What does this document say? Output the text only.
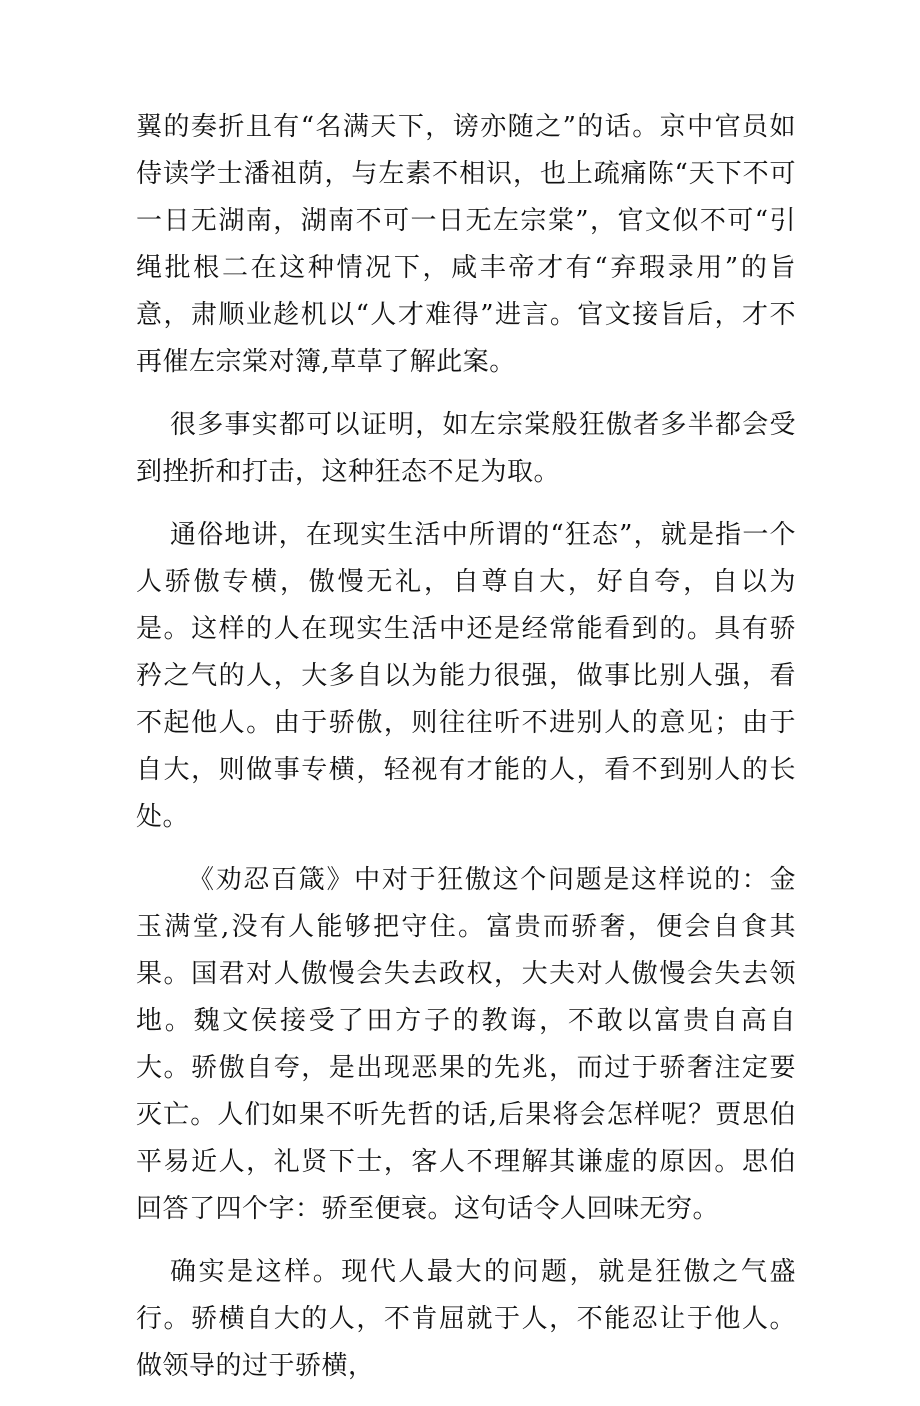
翼的奏折且有“名满天下，谤亦随之”的话。京中官员如侍读学士潘祖荫，与左素不相识，也上疏痛陈“天下不可一日无湖南，湖南不可一日无左宗棠”，官文似不可“引绳批根二在这种情况下，咸丰帝才有“弃瑕录用”的旨意，肃顺业趁机以“人才难得”进言。官文接旨后，才不再催左宗棠对簿,草草了解此案。

很多事实都可以证明，如左宗棠般狂傲者多半都会受到挫折和打击，这种狂态不足为取。

通俗地讲，在现实生活中所谓的“狂态”，就是指一个人骄傲专横，傲慢无礼，自尊自大，好自夸，自以为是。这样的人在现实生活中还是经常能看到的。具有骄矜之气的人，大多自以为能力很强，做事比别人强，看不起他人。由于骄傲，则往往听不进别人的意见；由于自大，则做事专横，轻视有才能的人，看不到别人的长处。

《劝忍百箴》中对于狂傲这个问题是这样说的：金玉满堂,没有人能够把守住。富贵而骄奢，便会自食其果。国君对人傲慢会失去政权，大夫对人傲慢会失去领地。魏文侯接受了田方子的教诲，不敢以富贵自高自大。骄傲自夸，是出现恶果的先兆，而过于骄奢注定要灭亡。人们如果不听先哲的话,后果将会怎样呢？贾思伯平易近人，礼贤下士，客人不理解其谦虚的原因。思伯回答了四个字：骄至便衰。这句话令人回味无穷。

确实是这样。现代人最大的问题，就是狂傲之气盛行。骄横自大的人，不肯屈就于人，不能忍让于他人。做领导的过于骄横，
